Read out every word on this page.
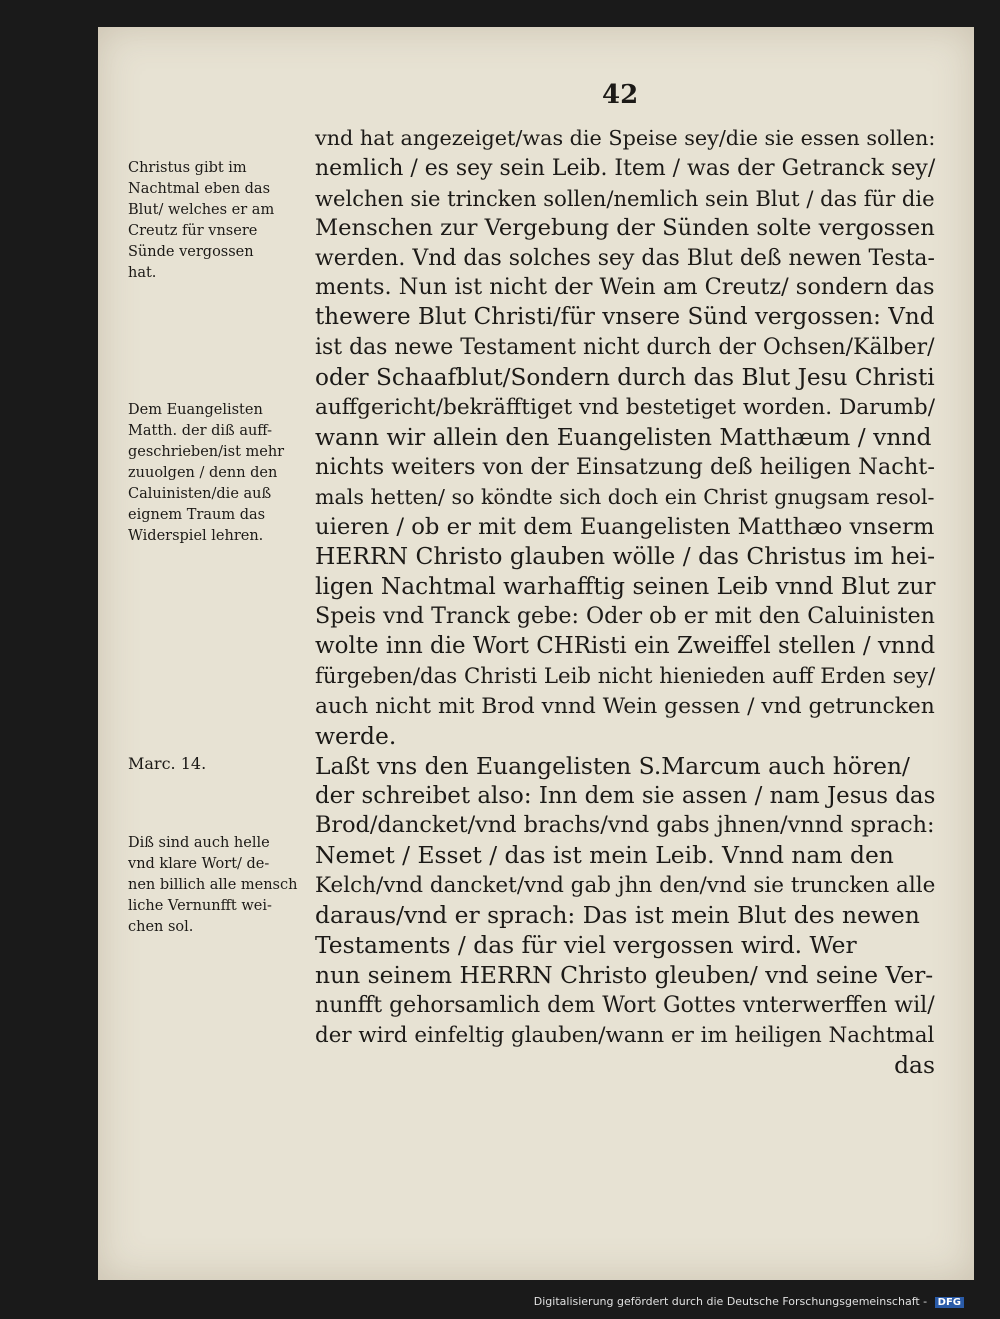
42
vnd hat angezeiget/was die Speise sey/die sie essen sollen:
nemlich / es sey sein Leib. Item / was der Getranck sey/
welchen sie trincken sollen/nemlich sein Blut / das für die
Menschen zur Vergebung der Sünden solte vergossen
werden. Vnd das solches sey das Blut deß newen Testa-
ments. Nun ist nicht der Wein am Creutz/ sondern das
thewere Blut Christi/für vnsere Sünd vergossen: Vnd
ist das newe Testament nicht durch der Ochsen/Kälber/
oder Schaafblut/Sondern durch das Blut Jesu Christi
auffgericht/bekräfftiget vnd bestetiget worden. Darumb/
wann wir allein den Euangelisten Matthæum / vnnd
nichts weiters von der Einsatzung deß heiligen Nacht-
mals hetten/ so köndte sich doch ein Christ gnugsam resol-
uieren / ob er mit dem Euangelisten Matthæo vnserm
HERRN Christo glauben wölle / das Christus im hei-
ligen Nachtmal warhafftig seinen Leib vnnd Blut zur
Speis vnd Tranck gebe: Oder ob er mit den Caluinisten
wolte inn die Wort CHRisti ein Zweiffel stellen / vnnd
fürgeben/das Christi Leib nicht hienieden auff Erden sey/
auch nicht mit Brod vnnd Wein gessen / vnd getruncken
werde.
Laßt vns den Euangelisten S.Marcum auch hören/
der schreibet also: Inn dem sie assen / nam Jesus das
Brod/dancket/vnd brachs/vnd gabs jhnen/vnnd sprach:
Nemet / Esset / das ist mein Leib. Vnnd nam den
Kelch/vnd dancket/vnd gab jhn den/vnd sie truncken alle
daraus/vnd er sprach: Das ist mein Blut des newen
Testaments / das für viel vergossen wird. Wer
nun seinem HERRN Christo gleuben/ vnd seine Ver-
nunfft gehorsamlich dem Wort Gottes vnterwerffen wil/
der wird einfeltig glauben/wann er im heiligen Nachtmal
das
Christus gibt im
Nachtmal eben das
Blut/ welches er am
Creutz für vnsere
Sünde vergossen
hat.
Dem Euangelisten
Matth. der diß auff-
geschrieben/ist mehr
zuuolgen / denn den
Caluinisten/die auß
eignem Traum das
Widerspiel lehren.
Marc. 14.
Diß sind auch helle
vnd klare Wort/ de-
nen billich alle mensch
liche Vernunfft wei-
chen sol.
Digitalisierung gefördert durch die Deutsche Forschungsgemeinschaft - DFG
